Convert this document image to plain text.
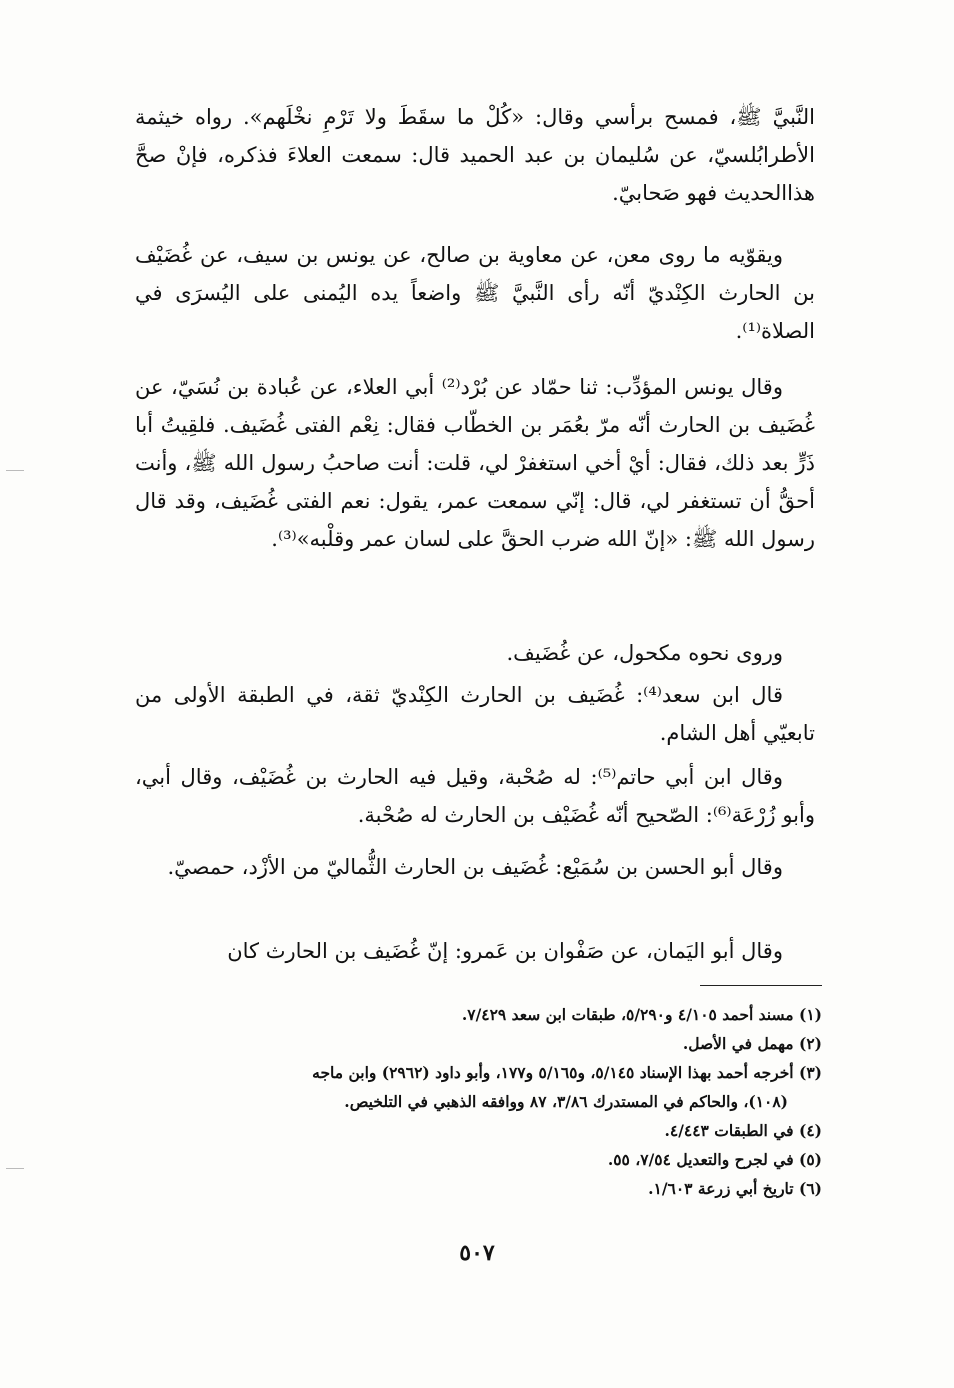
النَّبيَّ ﷺ، فمسح برأسي وقال: «كُلْ ما سقَطَ ولا تَرْمِ نخْلَهم». رواه خيثمة الأطرابُلسيّ، عن سُليمان بن عبد الحميد قال: سمعت العلاءَ فذكره، فإنْ صحَّ هذاالحديث فهو صَحابيّ.

ويقوّيه ما روى معن، عن معاوية بن صالح، عن يونس بن سيف، عن غُضَيْف بن الحارث الكِنْديّ أنّه رأى النَّبيَّ ﷺ واضعاً يده اليُمنى على اليُسرَى في الصلاة⁽¹⁾.

وقال يونس المؤدِّب: ثنا حمّاد عن بُرْد⁽²⁾ أبي العلاء، عن عُبادة بن نُسَيّ، عن غُضَيف بن الحارث أنّه مرّ بعُمَر بن الخطّاب فقال: نِعْم الفتى غُضَيف. فلقِيتُ أبا ذَرٍّ بعد ذلك، فقال: أيْ أخي استغفرْ لي، قلت: أنت صاحبُ رسول الله ﷺ، وأنت أحقُّ أن تستغفر لي، قال: إنّي سمعت عمر، يقول: نعم الفتى غُضَيف، وقد قال رسول الله ﷺ: «إنّ الله ضرب الحقَّ على لسان عمر وقلْبه»⁽³⁾.

وروى نحوه مكحول، عن غُضَيف.

قال ابن سعد⁽⁴⁾: غُضَيف بن الحارث الكِنْديّ ثقة، في الطبقة الأولى من تابعيّي أهل الشام.

وقال ابن أبي حاتم⁽⁵⁾: له صُحْبة، وقيل فيه الحارث بن غُضَيْف، وقال أبي، وأبو زُرْعَة⁽⁶⁾: الصّحيح أنّه غُضَيْف بن الحارث له صُحْبة.

وقال أبو الحسن بن سُمَيْع: غُضَيف بن الحارث الثُّماليّ من الأزْد، حمصيّ.

وقال أبو اليَمان، عن صَفْوان بن عَمرو: إنّ غُضَيف بن الحارث كان

(١) مسند أحمد ٤/١٠٥ و٥/٢٩٠، طبقات ابن سعد ٧/٤٢٩.

(٢) مهمل في الأصل.

(٣) أخرجه أحمد بهذا الإسناد ٥/١٤٥، و٥/١٦٥ و١٧٧، وأبو داود (٢٩٦٢) وابن ماجه

(١٠٨)، والحاكم في المستدرك ٣/٨٦، ٨٧ ووافقه الذهبي في التلخيص.

(٤) في الطبقات ٤/٤٤٣.

(٥) في لجرح والتعديل ٧/٥٤، ٥٥.

(٦) تاريخ أبي زرعة ١/٦٠٣.

٥٠٧
